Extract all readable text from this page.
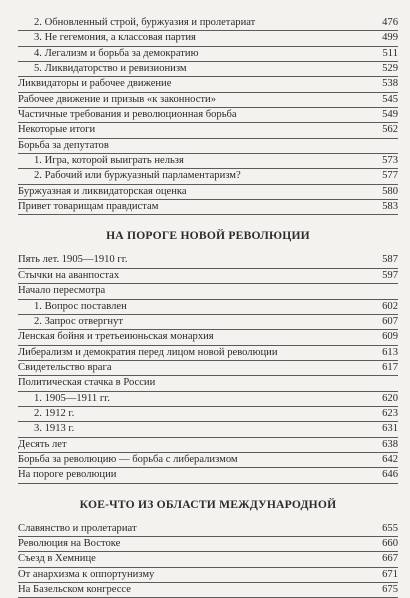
2. Обновленный строй, буржуазия и пролетариат	476
3. Не гегемония, а классовая партия	499
4. Легализм и борьба за демократию	511
5. Ликвидаторство и ревизионизм	529
Ликвидаторы и рабочее движение	538
Рабочее движение и призыв «к законности»	545
Частичные требования и революционная борьба	549
Некоторые итоги	562
Борьба за депутатов
1. Игра, которой выиграть нельзя	573
2. Рабочий или буржуазный парламентаризм?	577
Буржуазная и ликвидаторская оценка	580
Привет товарищам правдистам	583
НА ПОРОГЕ НОВОЙ РЕВОЛЮЦИИ
Пять лет. 1905—1910 гг.	587
Стычки на аванпостах	597
Начало пересмотра
1. Вопрос поставлен	602
2. Запрос отвергнут	607
Ленская бойня и третьеиюньская монархия	609
Либерализм и демократия перед лицом новой революции	613
Свидетельство врага	617
Политическая стачка в России
1. 1905—1911 гг.	620
2. 1912 г.	623
3. 1913 г.	631
Десять лет	638
Борьба за революцию — борьба с либерализмом	642
На пороге революции	646
КОЕ-ЧТО ИЗ ОБЛАСТИ МЕЖДУНАРОДНОЙ
Славянство и пролетариат	655
Революция на Востоке	660
Съезд в Хемнице	667
От анархизма к оппортунизму	671
На Базельском конгрессе	675
